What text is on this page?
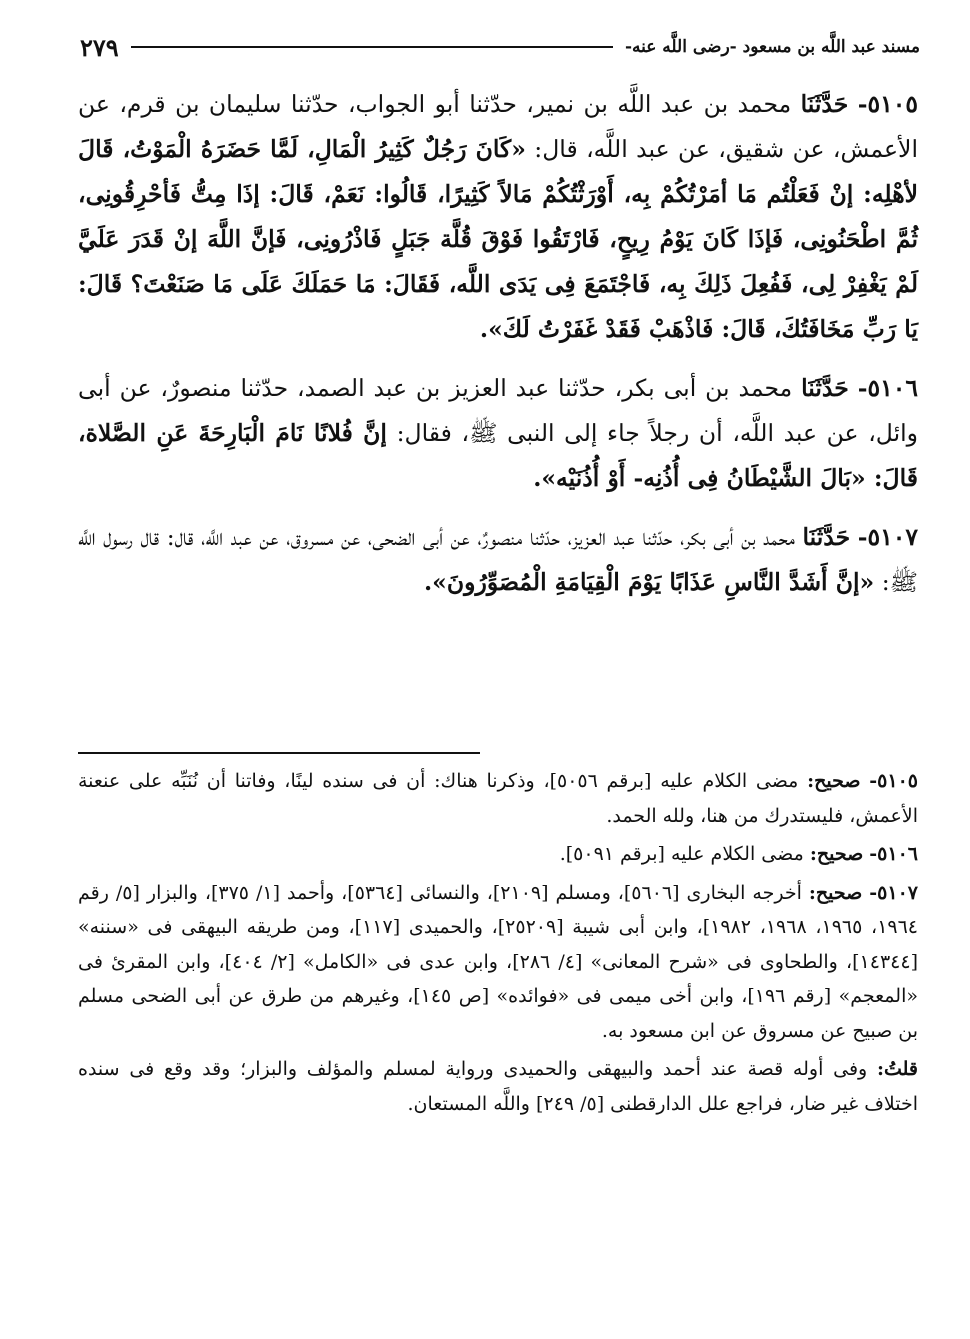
مسند عبد اللَّه بن مسعود -رضى اللَّه عنه-
٢٧٩

٥١٠٥- حَدَّثَنَا محمد بن عبد اللَّه بن نمير، حدّثنا أبو الجواب، حدّثنا سليمان بن قرم، عن الأعمش، عن شقيق، عن عبد اللَّه، قال: «كَانَ رَجُلٌ كَثِيرُ الْمَالِ، لَمَّا حَضَرَهُ الْمَوْتُ، قَالَ لأهْلِه: إنْ فَعَلْتُم مَا أمَرْتُكُمْ بِه، أَوْرَثْتُكُمْ مَالاً كَثِيرًا، قَالُوا: نَعَمْ، قَالَ: إذَا مِتُّ فَأحْرِقُونِى، ثُمَّ اطْحَنُونِى، فَإذَا كَانَ يَوْمُ رِيحٍ، فَارْتَقُوا فَوْقَ قُلَّة جَبَلٍ فَاذْرُونِى، فَإنَّ اللَّهَ إنْ قَدَرَ عَلَيَّ لَمْ يَغْفِرْ لِى، فَفُعِلَ ذَلِكَ بِه، فَاجْتَمَعَ فِى يَدَى اللَّه، فَقَالَ: مَا حَمَلَكَ عَلَى مَا صَنَعْتَ؟ قَالَ: يَا رَبِّ مَخَافَتُكَ، قَالَ: فَاذْهَبْ فَقَدْ غَفَرْتُ لَكَ».

٥١٠٦- حَدَّثَنَا محمد بن أبى بكر، حدّثنا عبد العزيز بن عبد الصمد، حدّثنا منصورٌ، عن أبى وائل، عن عبد اللَّه، أن رجلاً جاء إلى النبى ﷺ، فقال: إنَّ فُلانًا نَامَ الْبَارِحَةَ عَنِ الصَّلاة، قَالَ: «بَالَ الشَّيْطَانُ فِى أُذُنِه- أَوْ أُذُنَيْه».

٥١٠٧- حَدَّثَنَا محمد بن أبى بكر، حدّثنا عبد العزيز، حدّثنا منصورٌ، عن أبى الضحى، عن مسروق، عن عبد اللَّه، قال: قال رسول اللَّه ﷺ: «إنَّ أَشَدَّ النَّاسِ عَذَابًا يَوْمَ الْقِيَامَةِ الْمُصَوِّرُونَ».

٥١٠٥- صحيح: مضى الكلام عليه [برقم ٥٠٥٦]، وذكرنا هناك: أن فى سنده لينًا، وفاتنا أن نُنَبِّه على عنعنة الأعمش، فليستدرك من هنا، ولله الحمد.

٥١٠٦- صحيح: مضى الكلام عليه [برقم ٥٠٩١].

٥١٠٧- صحيح: أخرجه البخارى [٥٦٠٦]، ومسلم [٢١٠٩]، والنسائى [٥٣٦٤]، وأحمد [١/ ٣٧٥]، والبزار [٥/ رقم ١٩٦٤، ١٩٦٥، ١٩٦٨، ١٩٨٢]، وابن أبى شيبة [٢٥٢٠٩]، والحميدى [١١٧]، ومن طريقه البيهقى فى «سننه» [١٤٣٤٤]، والطحاوى فى «شرح المعانى» [٤/ ٢٨٦]، وابن عدى فى «الكامل» [٢/ ٤٠٤]، وابن المقرئ فى «المعجم» [رقم ١٩٦]، وابن أخى ميمى فى «فوائده» [ص ١٤٥]، وغيرهم من طرق عن أبى الضحى مسلم بن صبيح عن مسروق عن ابن مسعود به.

قلتُ: وفى أوله قصة عند أحمد والبيهقى والحميدى ورواية لمسلم والمؤلف والبزار؛ وقد وقع فى سنده اختلاف غير ضار، فراجع علل الدارقطنى [٥/ ٢٤٩] واللَّه المستعان.
